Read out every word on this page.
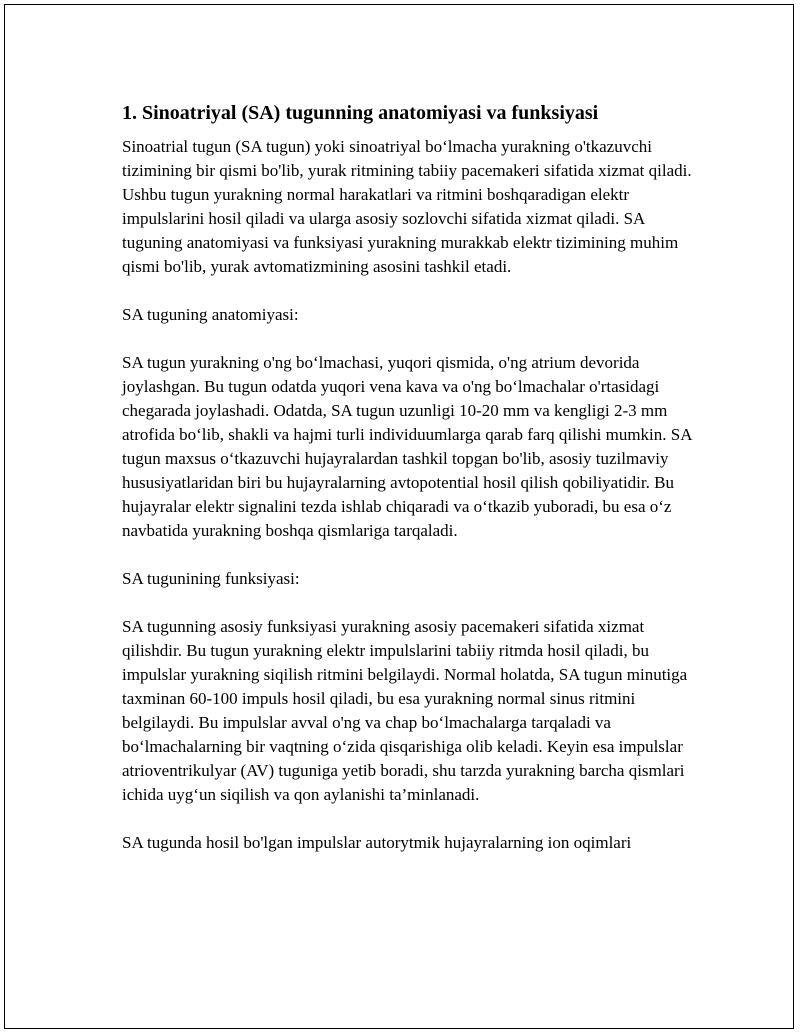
1. Sinoatriyal (SA) tugunning anatomiyasi va funksiyasi

Sinoatrial tugun (SA tugun) yoki sinoatriyal bo‘lmacha yurakning o'tkazuvchi tizimining bir qismi bo'lib, yurak ritmining tabiiy pacemakeri sifatida xizmat qiladi. Ushbu tugun yurakning normal harakatlari va ritmini boshqaradigan elektr impulslarini hosil qiladi va ularga asosiy sozlovchi sifatida xizmat qiladi. SA tuguning anatomiyasi va funksiyasi yurakning murakkab elektr tizimining muhim qismi bo'lib, yurak avtomatizmining asosini tashkil etadi.

SA tuguning anatomiyasi:

SA tugun yurakning o'ng bo‘lmachasi, yuqori qismida, o'ng atrium devorida joylashgan. Bu tugun odatda yuqori vena kava va o'ng bo‘lmachalar o'rtasidagi chegarada joylashadi. Odatda, SA tugun uzunligi 10-20 mm va kengligi 2-3 mm atrofida bo‘lib, shakli va hajmi turli individuumlarga qarab farq qilishi mumkin. SA tugun maxsus o‘tkazuvchi hujayralardan tashkil topgan bo'lib, asosiy tuzilmaviy hususiyatlaridan biri bu hujayralarning avtopotential hosil qilish qobiliyatidir. Bu hujayralar elektr signalini tezda ishlab chiqaradi va o‘tkazib yuboradi, bu esa o‘z navbatida yurakning boshqa qismlariga tarqaladi.

SA tugunining funksiyasi:

SA tugunning asosiy funksiyasi yurakning asosiy pacemakeri sifatida xizmat qilishdir. Bu tugun yurakning elektr impulslarini tabiiy ritmda hosil qiladi, bu impulslar yurakning siqilish ritmini belgilaydi. Normal holatda, SA tugun minutiga taxminan 60-100 impuls hosil qiladi, bu esa yurakning normal sinus ritmini belgilaydi. Bu impulslar avval o'ng va chap bo‘lmachalarga tarqaladi va bo‘lmachalarning bir vaqtning o‘zida qisqarishiga olib keladi. Keyin esa impulslar atrioventrikulyar (AV) tuguniga yetib boradi, shu tarzda yurakning barcha qismlari ichida uyg‘un siqilish va qon aylanishi ta’minlanadi.

SA tugunda hosil bo'lgan impulslar autorytmik hujayralarning ion oqimlari
